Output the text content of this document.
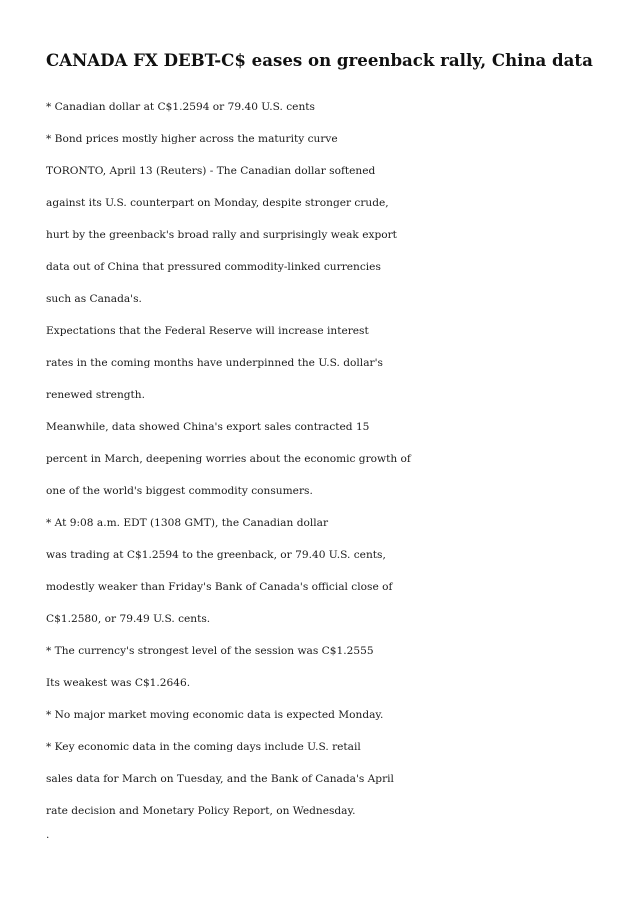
CANADA FX DEBT-C$ eases on greenback rally, China data

* Canadian dollar at C$1.2594 or 79.40 U.S. cents

* Bond prices mostly higher across the maturity curve

TORONTO, April 13 (Reuters) - The Canadian dollar softened

against its U.S. counterpart on Monday, despite stronger crude,

hurt by the greenback's broad rally and surprisingly weak export

data out of China that pressured commodity-linked currencies

such as Canada's.

Expectations that the Federal Reserve will increase interest

rates in the coming months have underpinned the U.S. dollar's

renewed strength.

Meanwhile, data showed China's export sales contracted 15

percent in March, deepening worries about the economic growth of

one of the world's biggest commodity consumers.

* At 9:08 a.m. EDT (1308 GMT), the Canadian dollar

was trading at C$1.2594 to the greenback, or 79.40 U.S. cents,

modestly weaker than Friday's Bank of Canada's official close of

C$1.2580, or 79.49 U.S. cents.

* The currency's strongest level of the session was C$1.2555

Its weakest was C$1.2646.

* No major market moving economic data is expected Monday.

* Key economic data in the coming days include U.S. retail

sales data for March on Tuesday, and the Bank of Canada's April

rate decision and Monetary Policy Report, on Wednesday.

.
